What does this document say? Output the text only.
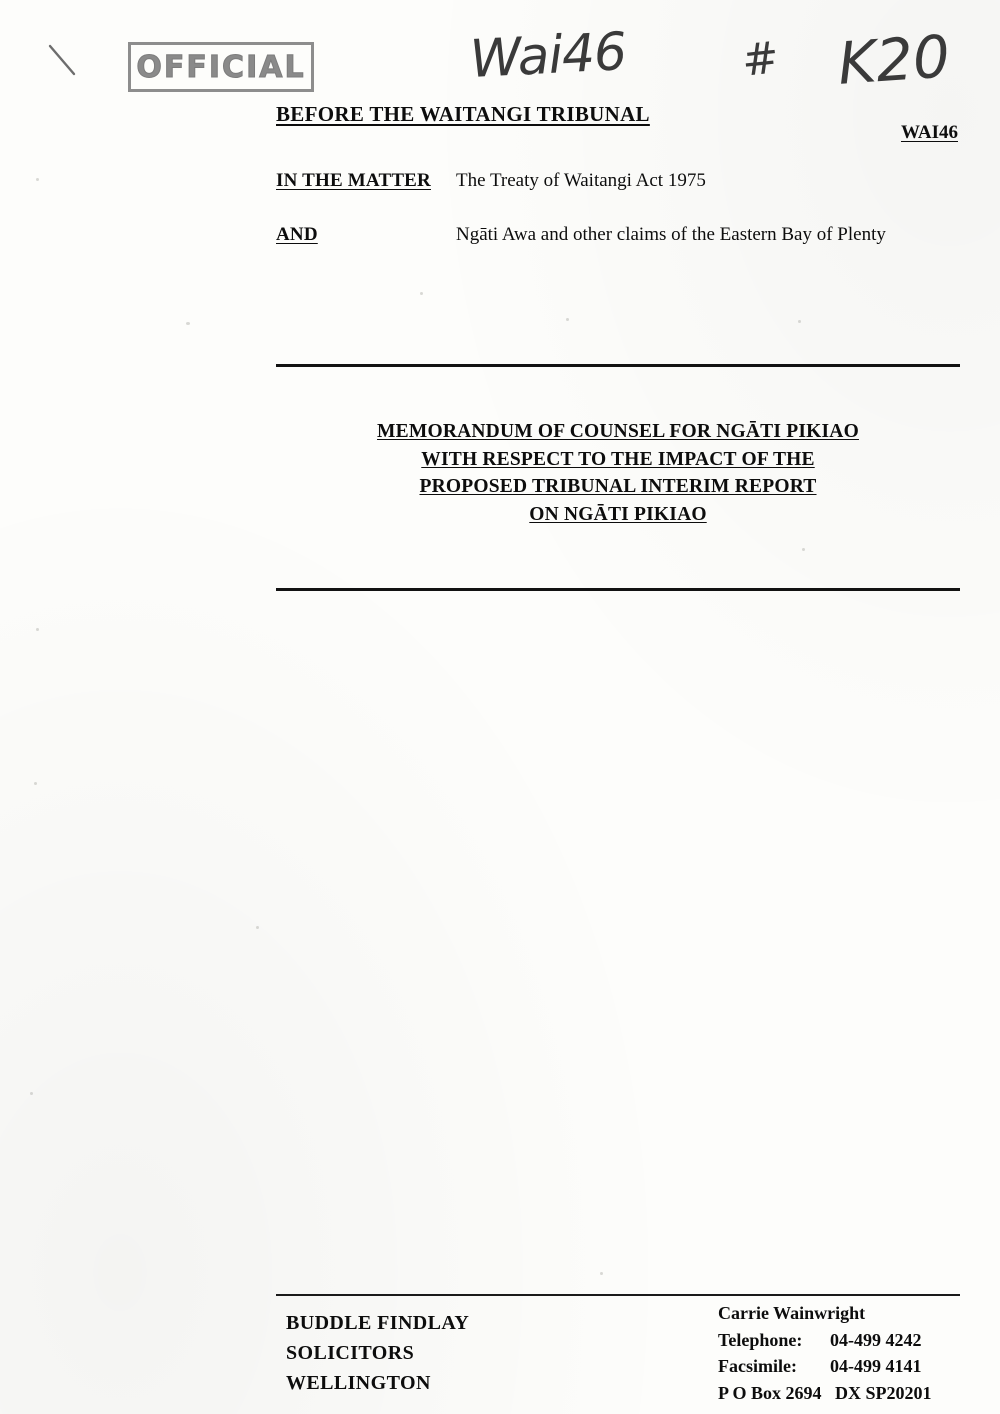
OFFICIAL	Wai46	# K20
BEFORE THE WAITANGI TRIBUNAL
WAI46
IN THE MATTER The Treaty of Waitangi Act 1975
AND	Ngāti Awa and other claims of the Eastern Bay of Plenty
MEMORANDUM OF COUNSEL FOR NGĀTI PIKIAO
WITH RESPECT TO THE IMPACT OF THE
PROPOSED TRIBUNAL INTERIM REPORT
ON NGĀTI PIKIAO
BUDDLE FINDLAY
SOLICITORS
WELLINGTON
Carrie Wainwright
Telephone: 04-499 4242
Facsimile: 04-499 4141
P O Box 2694   DX SP20201
